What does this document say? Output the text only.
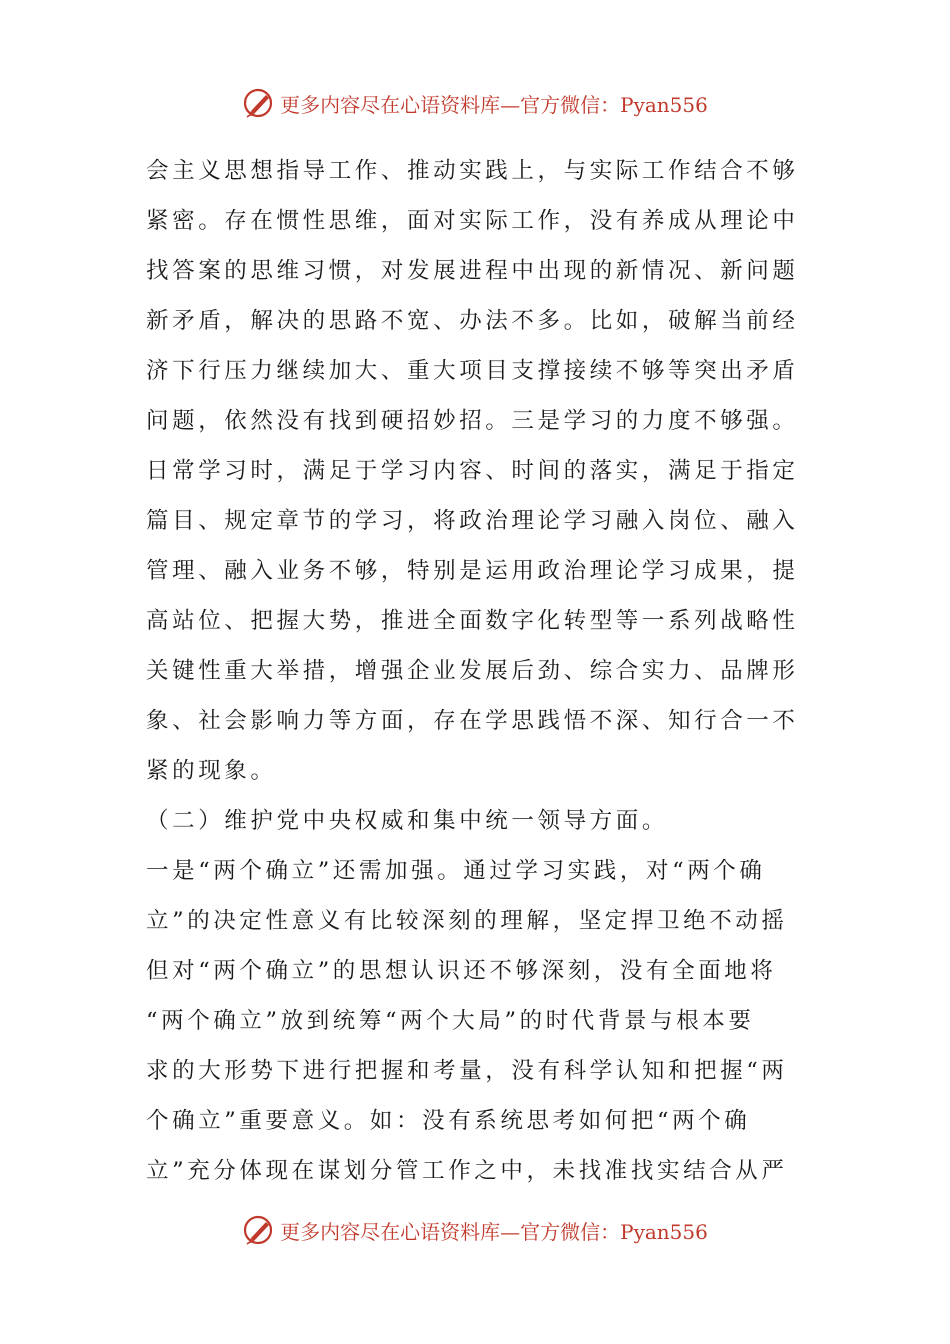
更多内容尽在心语资料库—官方微信：Pyan556
会主义思想指导工作、推动实践上，与实际工作结合不够
紧密。存在惯性思维，面对实际工作，没有养成从理论中
找答案的思维习惯，对发展进程中出现的新情况、新问题
新矛盾，解决的思路不宽、办法不多。比如，破解当前经
济下行压力继续加大、重大项目支撑接续不够等突出矛盾
问题，依然没有找到硬招妙招。三是学习的力度不够强。
日常学习时，满足于学习内容、时间的落实，满足于指定
篇目、规定章节的学习，将政治理论学习融入岗位、融入
管理、融入业务不够，特别是运用政治理论学习成果，提
高站位、把握大势，推进全面数字化转型等一系列战略性
关键性重大举措，增强企业发展后劲、综合实力、品牌形
象、社会影响力等方面，存在学思践悟不深、知行合一不
紧的现象。
（二）维护党中央权威和集中统一领导方面。
一是“两个确立”还需加强。通过学习实践，对“两个确
立”的决定性意义有比较深刻的理解，坚定捍卫绝不动摇
但对“两个确立”的思想认识还不够深刻，没有全面地将
“两个确立”放到统筹“两个大局”的时代背景与根本要
求的大形势下进行把握和考量，没有科学认知和把握“两
个确立”重要意义。如：没有系统思考如何把“两个确
立”充分体现在谋划分管工作之中，未找准找实结合从严
更多内容尽在心语资料库—官方微信：Pyan556
